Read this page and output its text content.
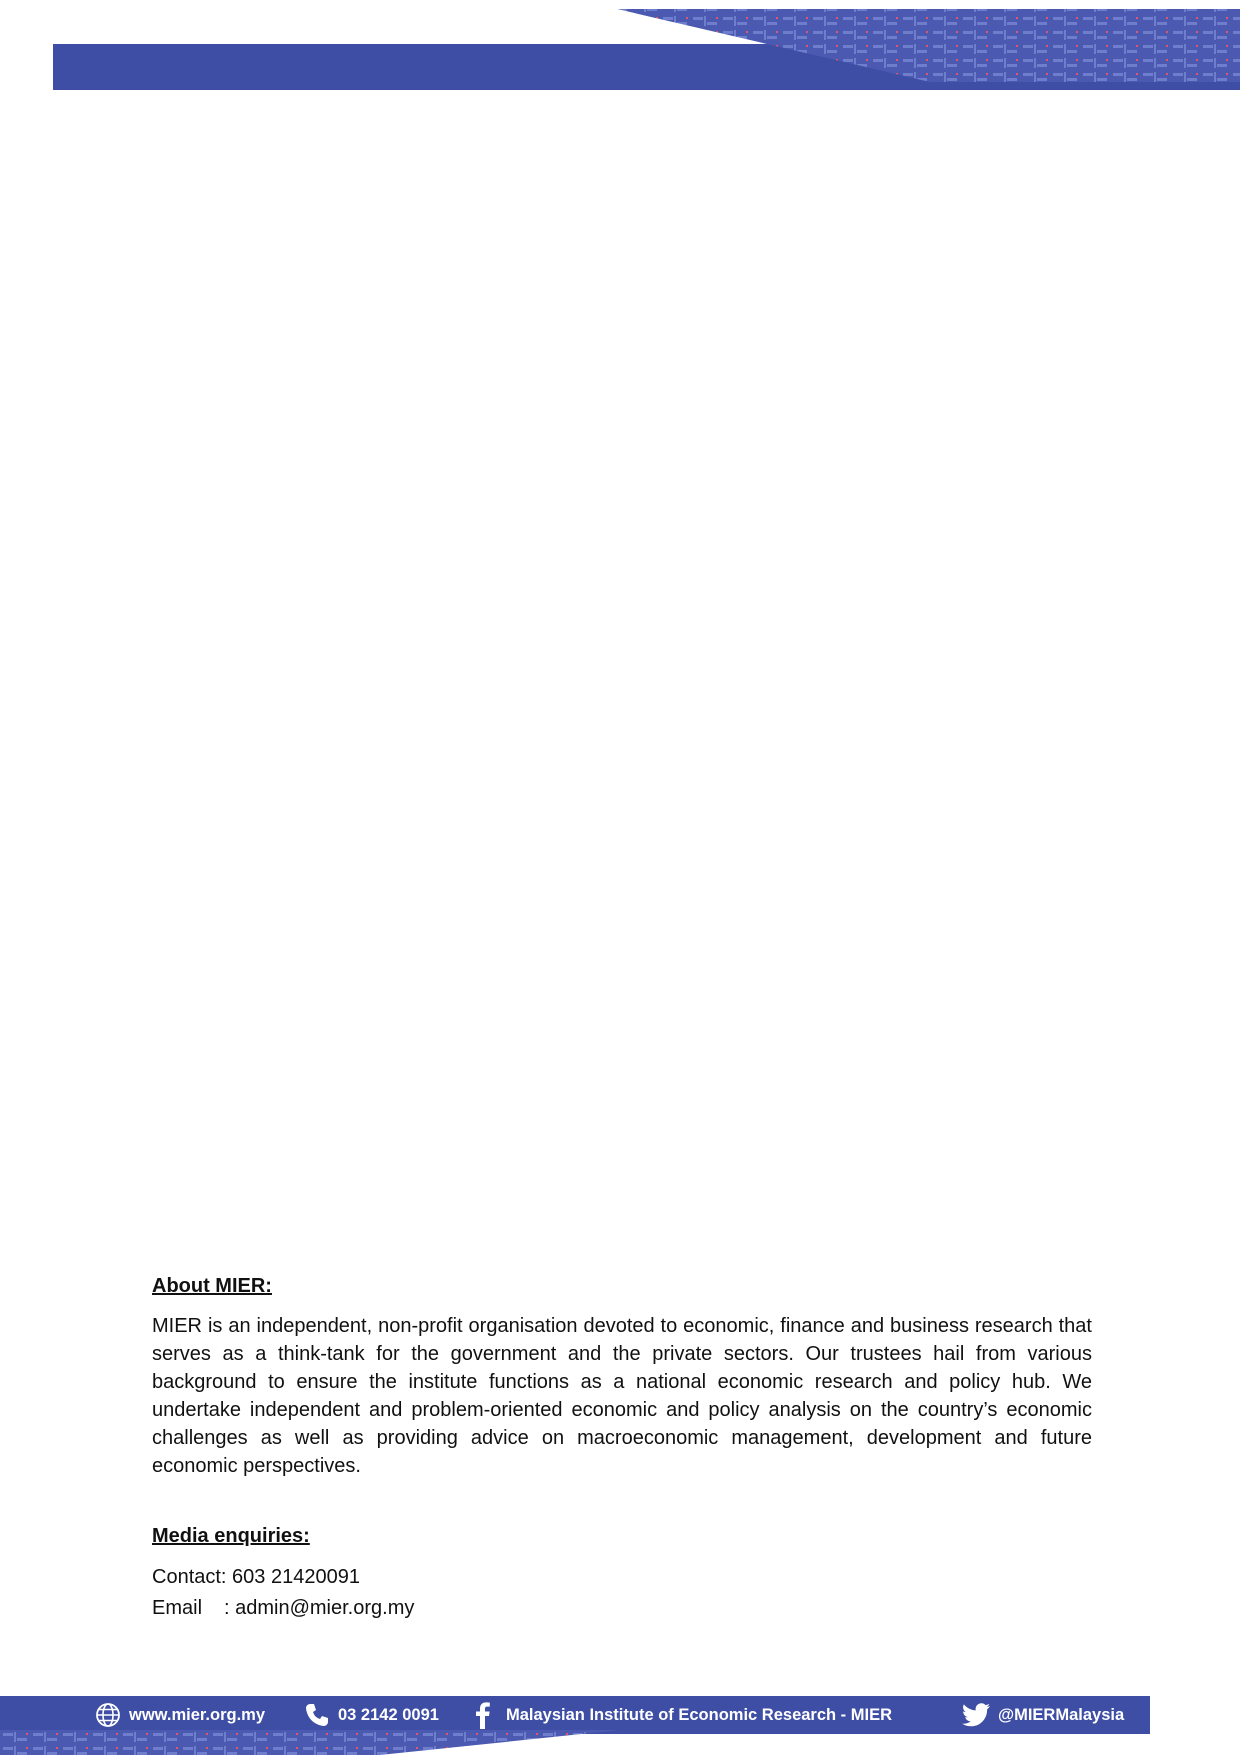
About MIER:

MIER is an independent, non-profit organisation devoted to economic, finance and business research that serves as a think-tank for the government and the private sectors. Our trustees hail from various background to ensure the institute functions as a national economic research and policy hub. We undertake independent and problem-oriented economic and policy analysis on the country’s economic challenges as well as providing advice on macroeconomic management, development and future economic perspectives.

Media enquiries:

Contact: 603 21420091

Email : admin@mier.org.my

www.mier.org.my	03 2142 0091	Malaysian Institute of Economic Research - MIER	@MIERMalaysia
